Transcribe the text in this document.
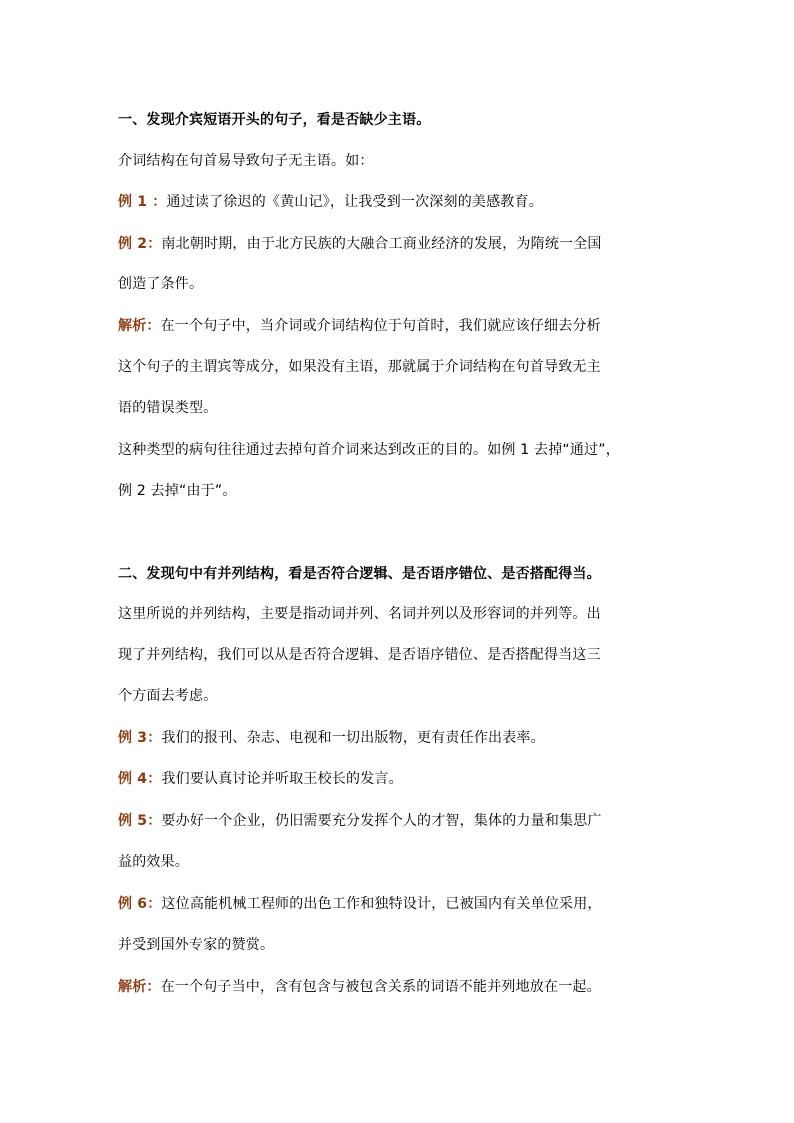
一、发现介宾短语开头的句子，看是否缺少主语。
介词结构在句首易导致句子无主语。如：
例 1 ：通过读了徐迟的《黄山记》，让我受到一次深刻的美感教育。
例 2：南北朝时期，由于北方民族的大融合工商业经济的发展，为隋统一全国
创造了条件。
解析：在一个句子中，当介词或介词结构位于句首时，我们就应该仔细去分析
这个句子的主谓宾等成分，如果没有主语，那就属于介词结构在句首导致无主
语的错误类型。
这种类型的病句往往通过去掉句首介词来达到改正的目的。如例 1 去掉“通过”，
例 2 去掉“由于”。
二、发现句中有并列结构，看是否符合逻辑、是否语序错位、是否搭配得当。
这里所说的并列结构，主要是指动词并列、名词并列以及形容词的并列等。出
现了并列结构，我们可以从是否符合逻辑、是否语序错位、是否搭配得当这三
个方面去考虑。
例 3：我们的报刊、杂志、电视和一切出版物，更有责任作出表率。
例 4：我们要认真讨论并听取王校长的发言。
例 5：要办好一个企业，仍旧需要充分发挥个人的才智，集体的力量和集思广
益的效果。
例 6：这位高能机械工程师的出色工作和独特设计，已被国内有关单位采用，
并受到国外专家的赞赏。
解析：在一个句子当中，含有包含与被包含关系的词语不能并列地放在一起。
